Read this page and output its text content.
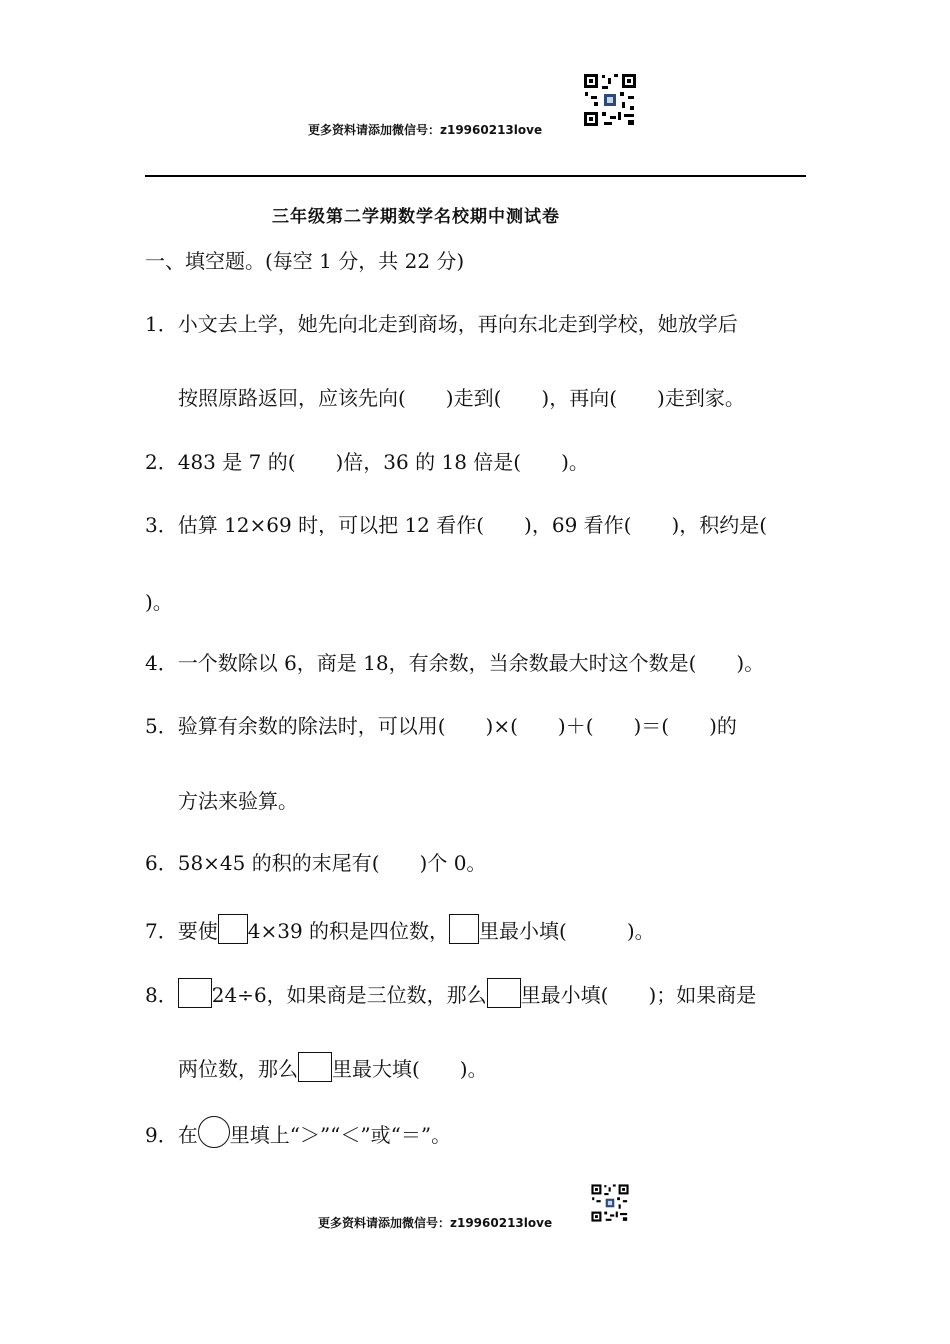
更多资料请添加微信号：z19960213love
三年级第二学期数学名校期中测试卷
一、填空题。(每空 1 分，共 22 分)
1．小文去上学，她先向北走到商场，再向东北走到学校，她放学后
按照原路返回，应该先向(　　)走到(　　)，再向(　　)走到家。
2．483 是 7 的(　　)倍，36 的 18 倍是(　　)。
3．估算 12×69 时，可以把 12 看作(　　)，69 看作(　　)，积约是(
)。
4．一个数除以 6，商是 18，有余数，当余数最大时这个数是(　　)。
5．验算有余数的除法时，可以用(　　)×(　　)＋(　　)＝(　　)的
方法来验算。
6．58×45 的积的末尾有(　　)个 0。
7．要使 4×39 的积是四位数， 里最小填(　　　)。
8． 24÷6，如果商是三位数，那么 里最小填(　　)；如果商是
两位数，那么 里最大填(　　)。
9．在 里填上“＞”“＜”或“＝”。
更多资料请添加微信号：z19960213love
